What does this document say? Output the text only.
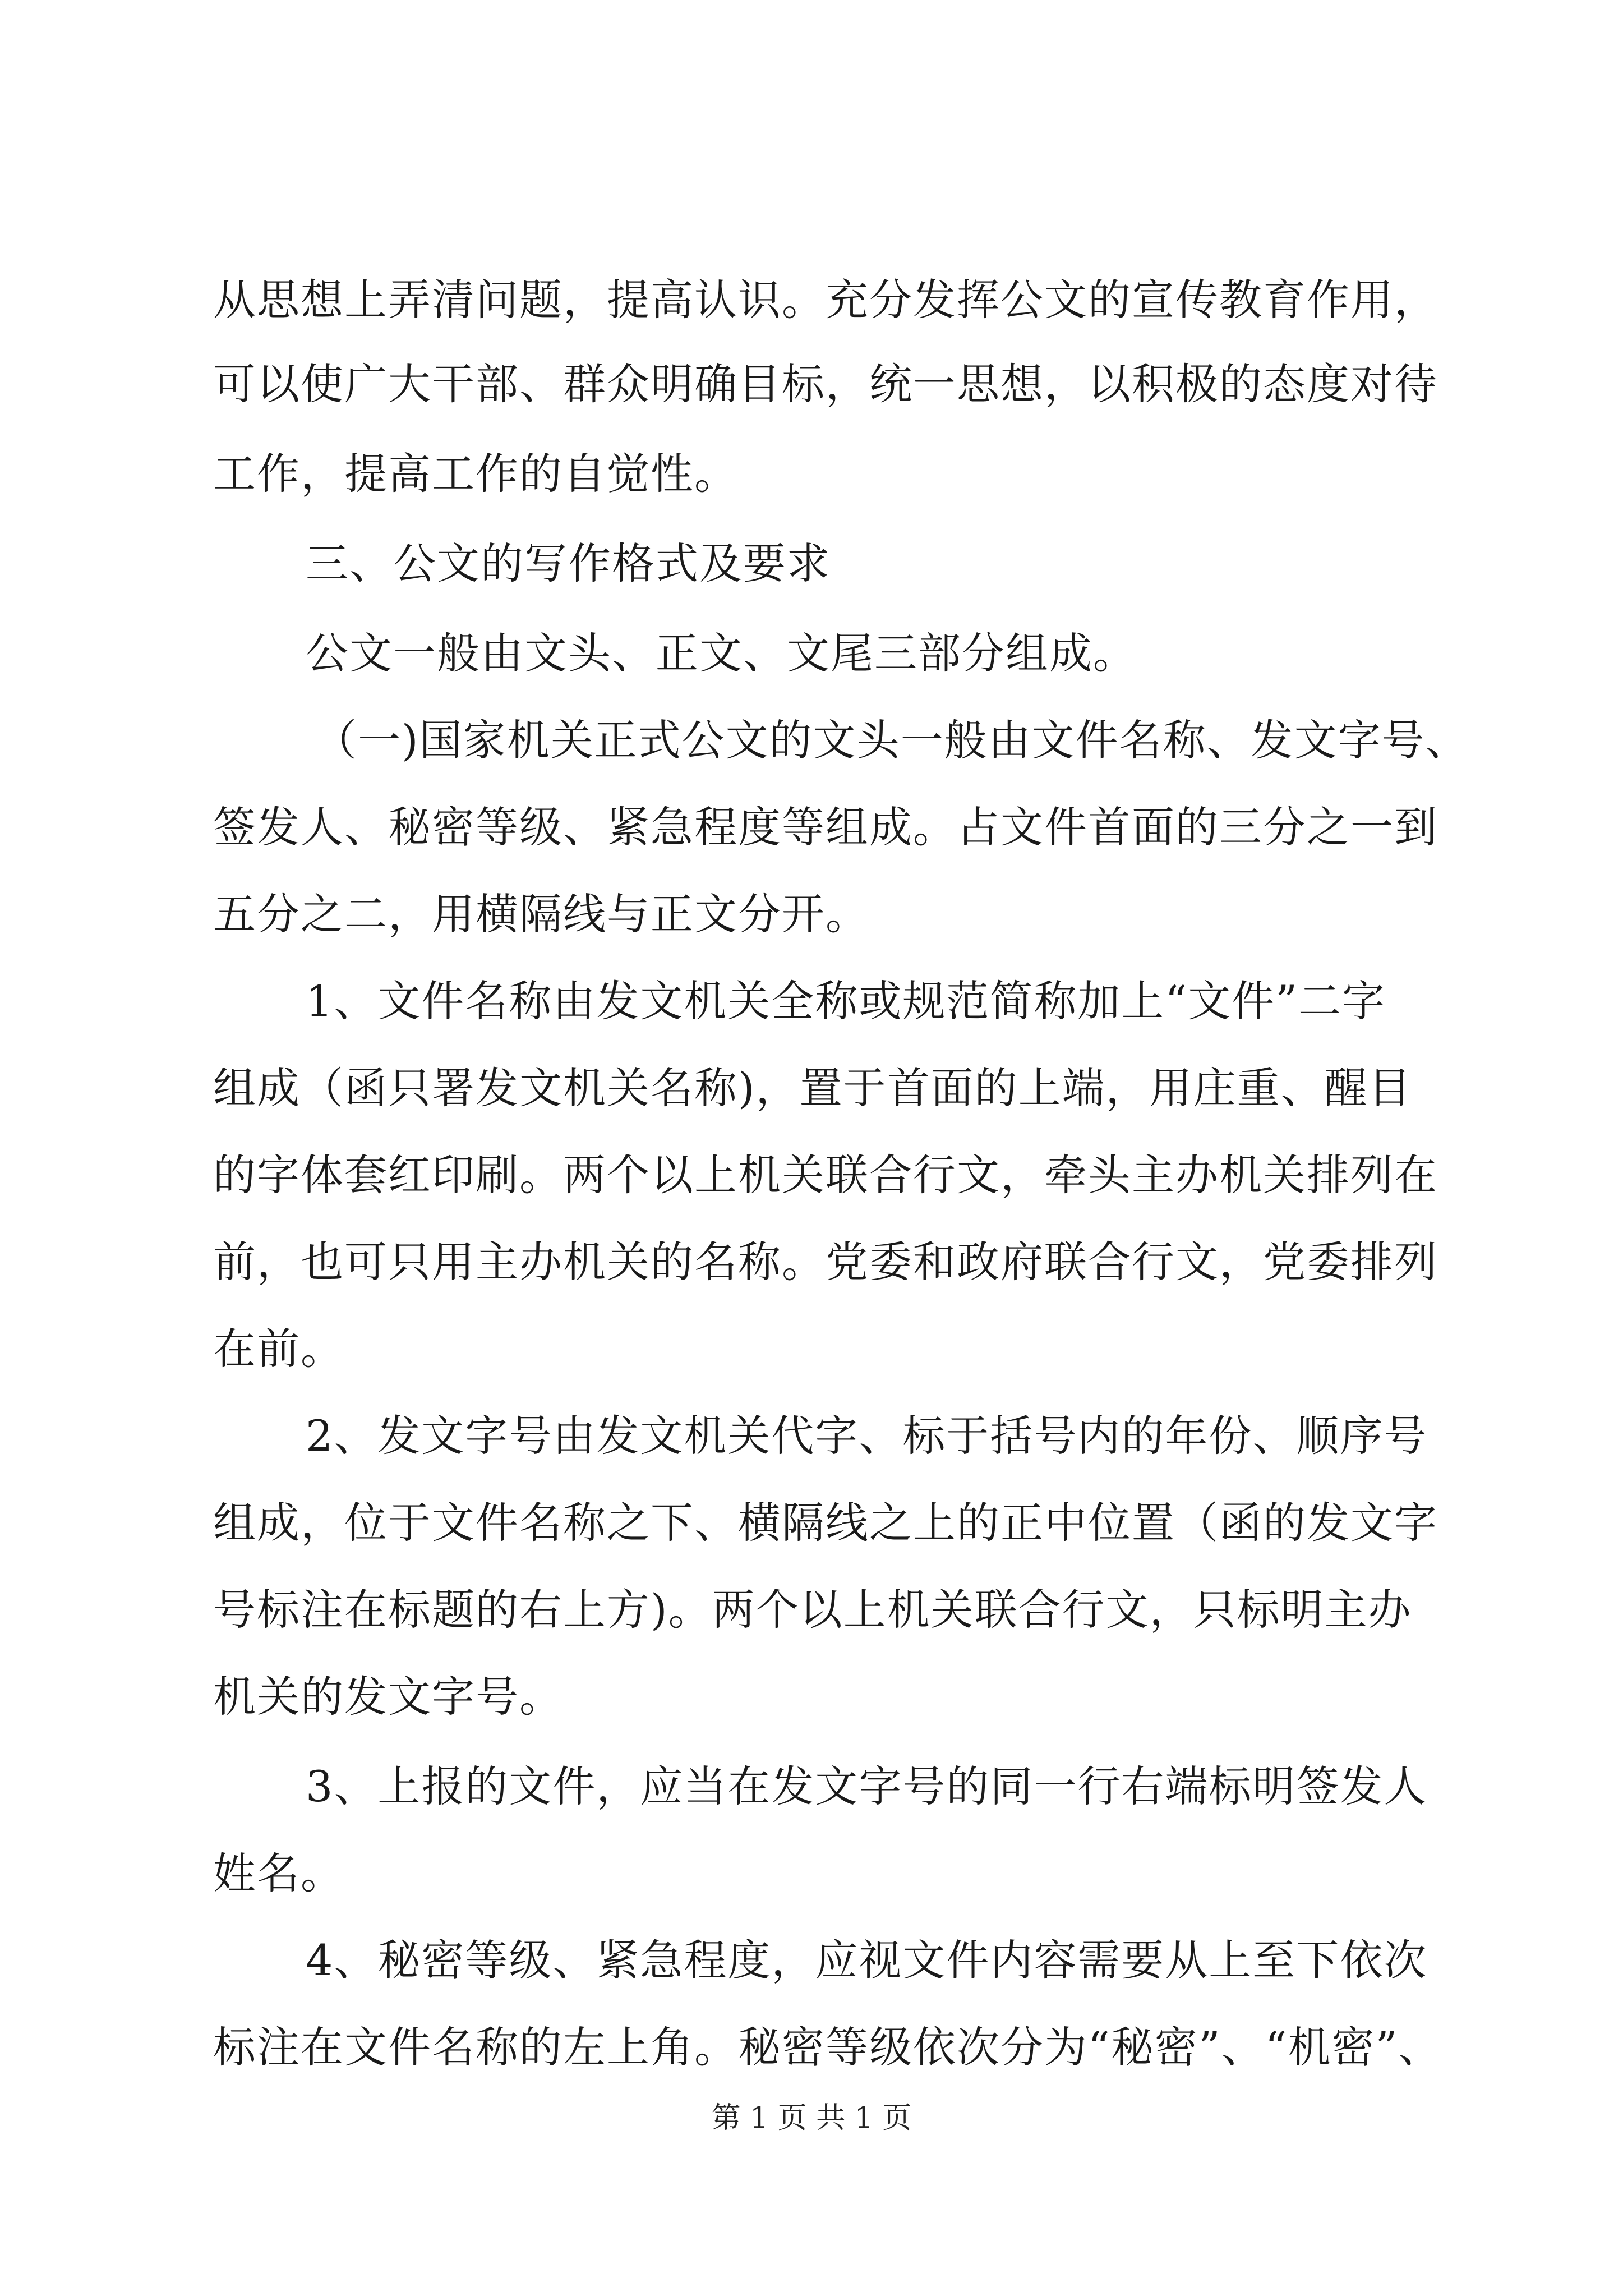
从思想上弄清问题，提高认识。充分发挥公文的宣传教育作用，
可以使广大干部、群众明确目标，统一思想，以积极的态度对待
工作，提高工作的自觉性。
三、公文的写作格式及要求
公文一般由文头、正文、文尾三部分组成。
（一)国家机关正式公文的文头一般由文件名称、发文字号、
签发人、秘密等级、紧急程度等组成。占文件首面的三分之一到
五分之二，用横隔线与正文分开。
1、文件名称由发文机关全称或规范简称加上“文件”二字
组成（函只署发文机关名称)，置于首面的上端，用庄重、醒目
的字体套红印刷。两个以上机关联合行文，牵头主办机关排列在
前，也可只用主办机关的名称。党委和政府联合行文，党委排列
在前。
2、发文字号由发文机关代字、标于括号内的年份、顺序号
组成，位于文件名称之下、横隔线之上的正中位置（函的发文字
号标注在标题的右上方)。两个以上机关联合行文，只标明主办
机关的发文字号。
3、上报的文件，应当在发文字号的同一行右端标明签发人
姓名。
4、秘密等级、紧急程度，应视文件内容需要从上至下依次
标注在文件名称的左上角。秘密等级依次分为“秘密”、“机密”、
第 1 页 共 1 页
